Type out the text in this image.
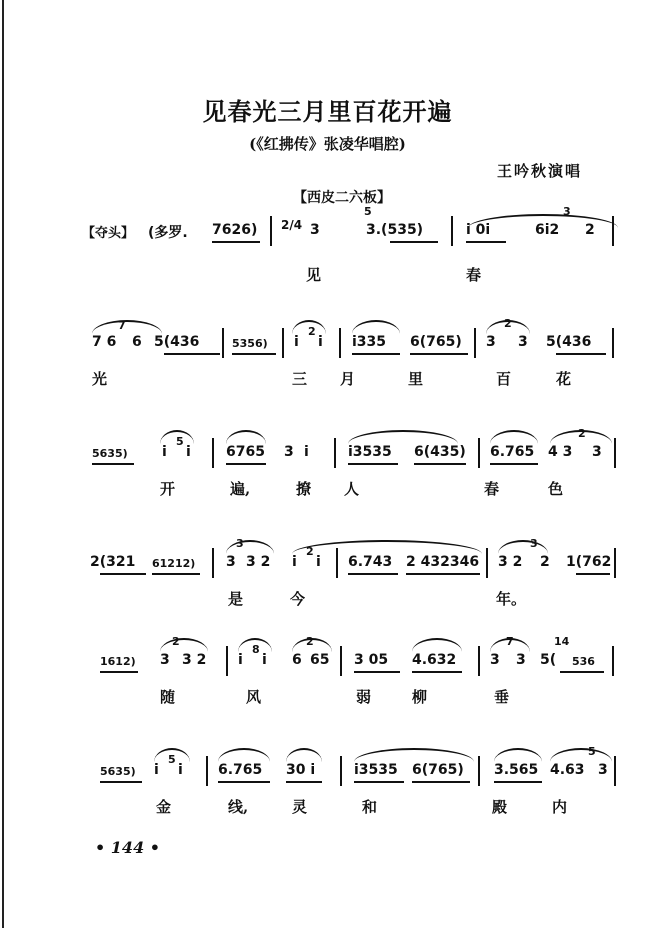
见春光三月里百花开遍
(《红拂传》张凌华唱腔)
王吟秋演唱
【西皮二六板】
【夺头】 (多罗. 7626) 2/4 3
5
3.(535)	i 0i	6i2
3
2
见	春
7
7 6 6 5(436	5356) i
2
i i335 6(765) 3
2
3 5(436
光	三 月	里	百	花
5635) i
5
i	6765 3 i	i3535 6(435) 6.765 4 3
2
3
开	遍,	撩 人	春	色
2(321 61212) 3
3
3 2 i
2
i 6.743 2 432346 3 2
3
2 1(762
是	今	年。
1612) 3
2
3 2 i
8
i 6
2
65 3 05 4.632 3
7
3 5(
14
536
随	风	弱	柳	垂
5635) i
5
i	6.765 30 i	i3535 6(765) 3.565 4.63
5
3
金	线,	灵	和	殿	内
• 144 •
